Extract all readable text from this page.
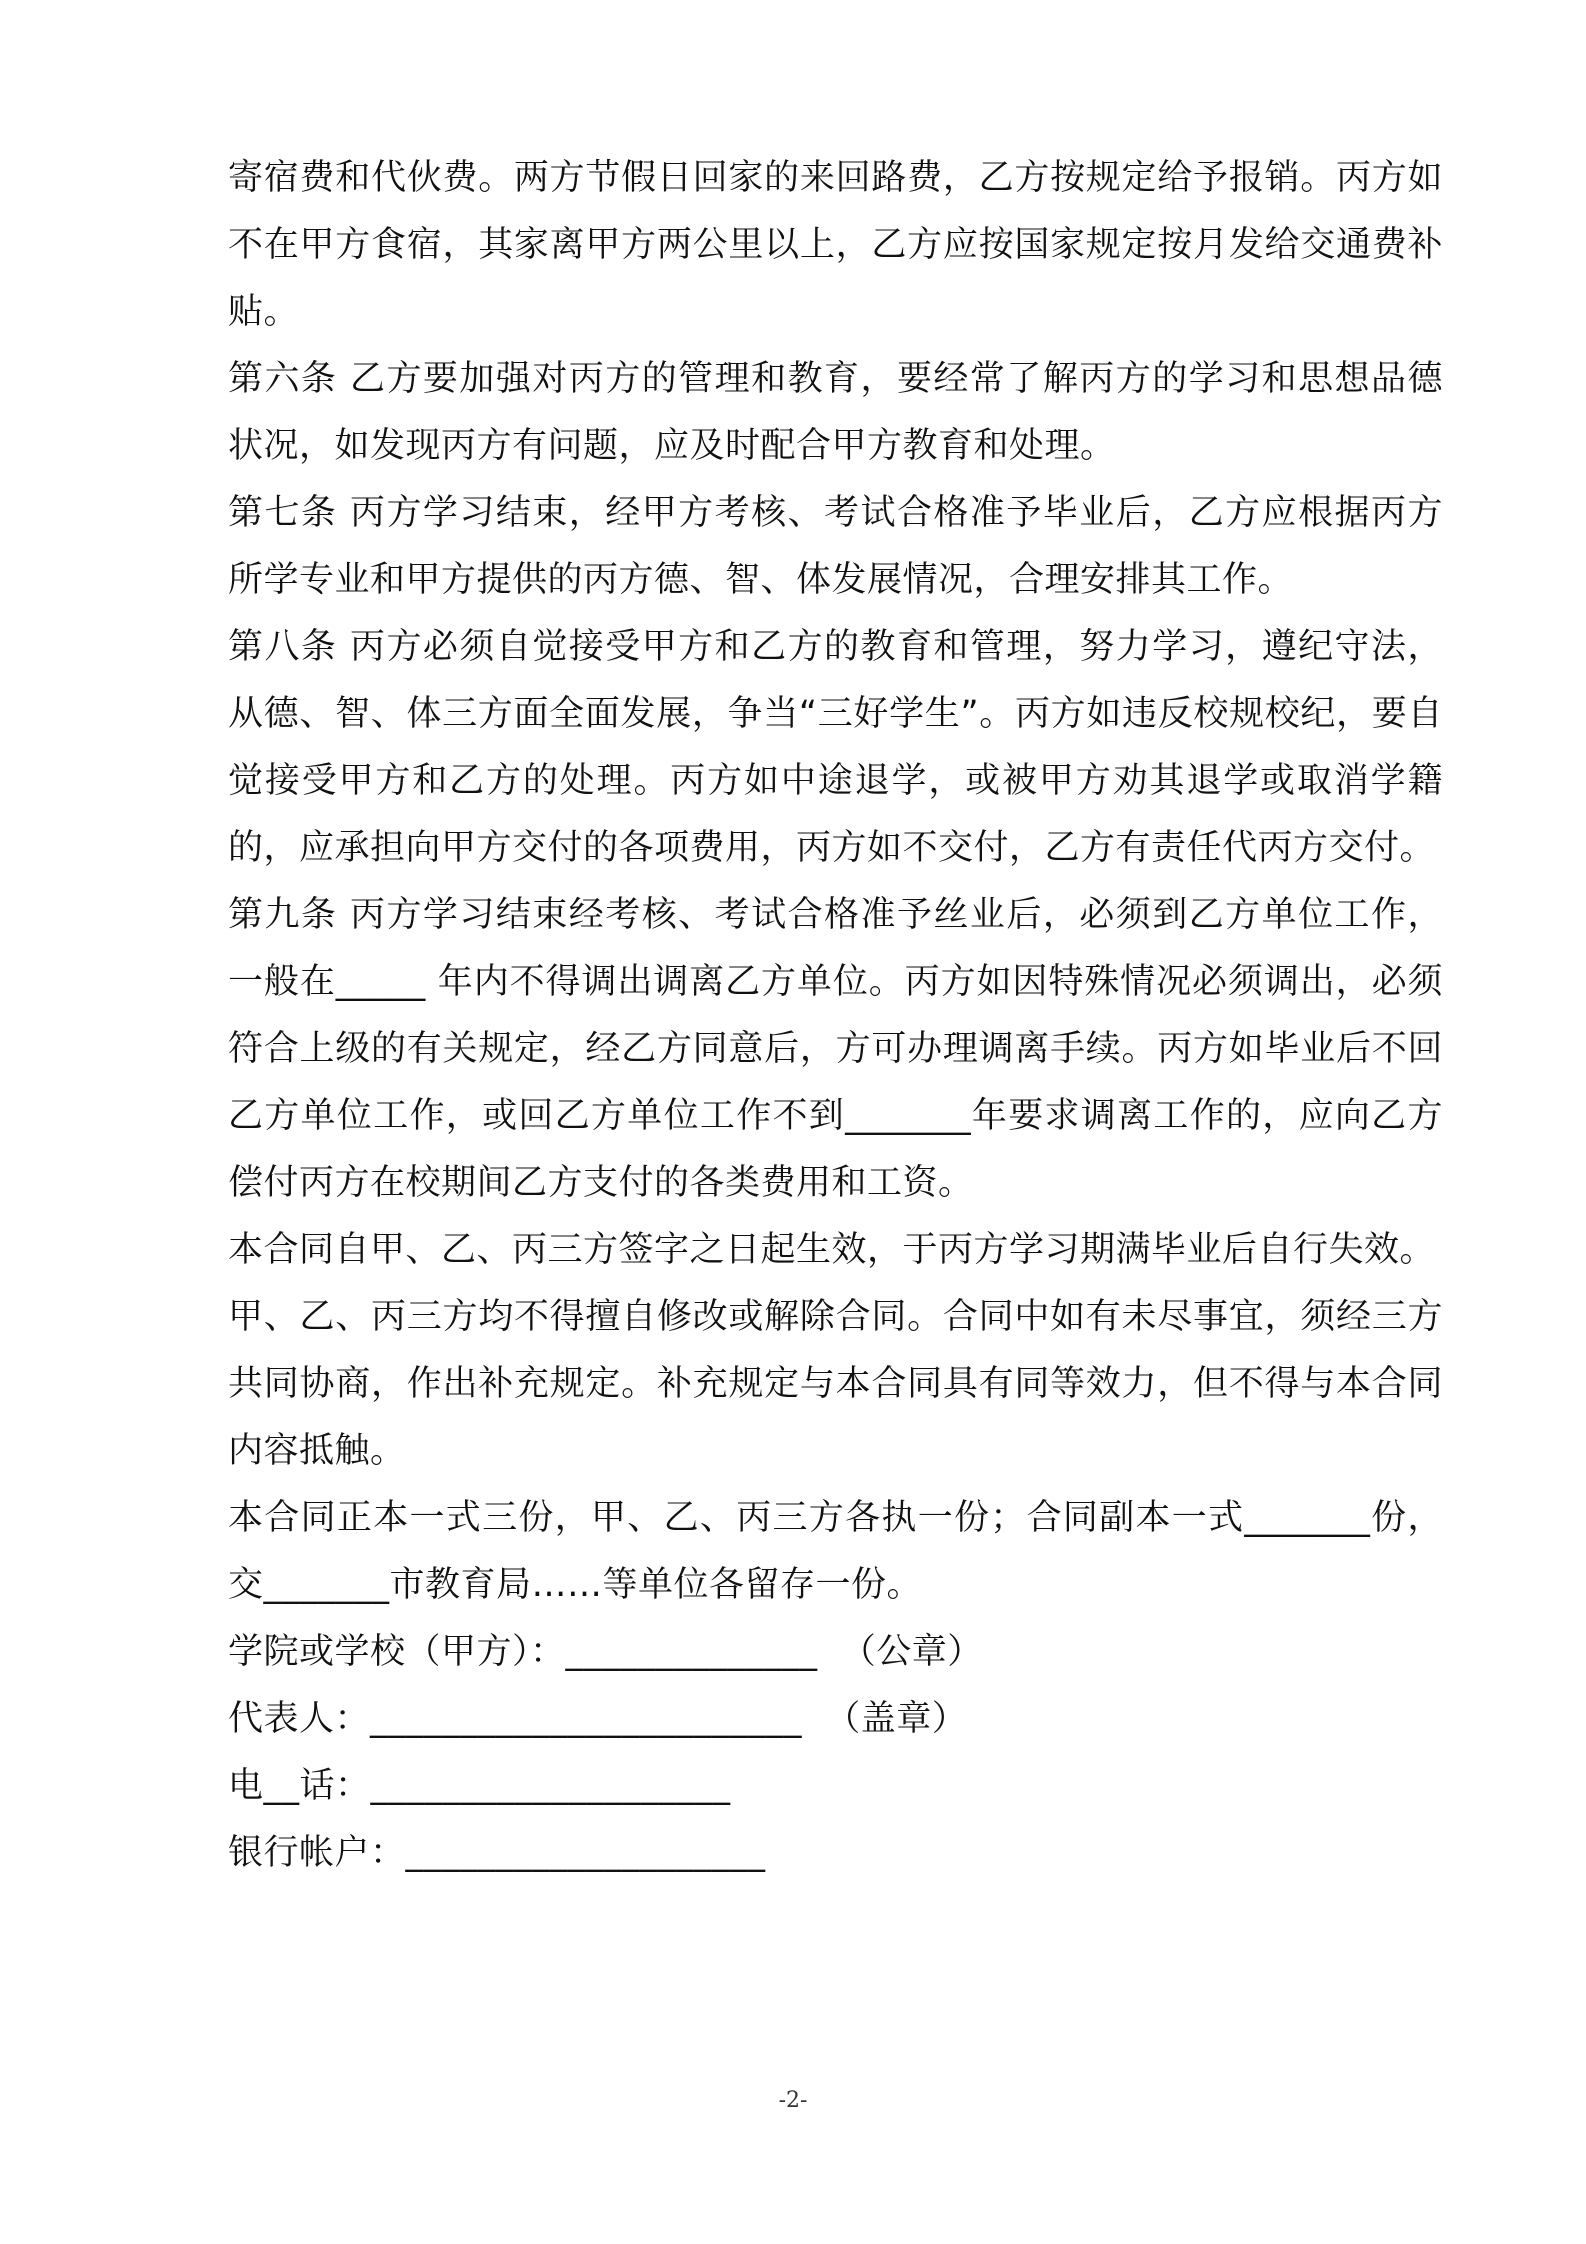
寄宿费和代伙费。两方节假日回家的来回路费，乙方按规定给予报销。丙方如不在甲方食宿，其家离甲方两公里以上，乙方应按国家规定按月发给交通费补贴。

第六条 乙方要加强对丙方的管理和教育，要经常了解丙方的学习和思想品德状况，如发现丙方有问题，应及时配合甲方教育和处理。

第七条 丙方学习结束，经甲方考核、考试合格准予毕业后，乙方应根据丙方所学专业和甲方提供的丙方德、智、体发展情况，合理安排其工作。

第八条 丙方必须自觉接受甲方和乙方的教育和管理，努力学习，遵纪守法，从德、智、体三方面全面发展，争当“三好学生”。丙方如违反校规校纪，要自觉接受甲方和乙方的处理。丙方如中途退学，或被甲方劝其退学或取消学籍的，应承担向甲方交付的各项费用，丙方如不交付，乙方有责任代丙方交付。

第九条 丙方学习结束经考核、考试合格准予丝业后，必须到乙方单位工作，一般在_____ 年内不得调出调离乙方单位。丙方如因特殊情况必须调出，必须符合上级的有关规定，经乙方同意后，方可办理调离手续。丙方如毕业后不回乙方单位工作，或回乙方单位工作不到_______年要求调离工作的，应向乙方偿付丙方在校期间乙方支付的各类费用和工资。

本合同自甲、乙、丙三方签字之日起生效，于丙方学习期满毕业后自行失效。

甲、乙、丙三方均不得擅自修改或解除合同。合同中如有未尽事宜，须经三方共同协商，作出补充规定。补充规定与本合同具有同等效力，但不得与本合同内容抵触。

本合同正本一式三份，甲、乙、丙三方各执一份；合同副本一式_______份，交_______市教育局……等单位各留存一份。

学院或学校（甲方）：______________  （公章）

代表人：________________________  （盖章）

电__话：____________________

银行帐户：____________________

-2-
